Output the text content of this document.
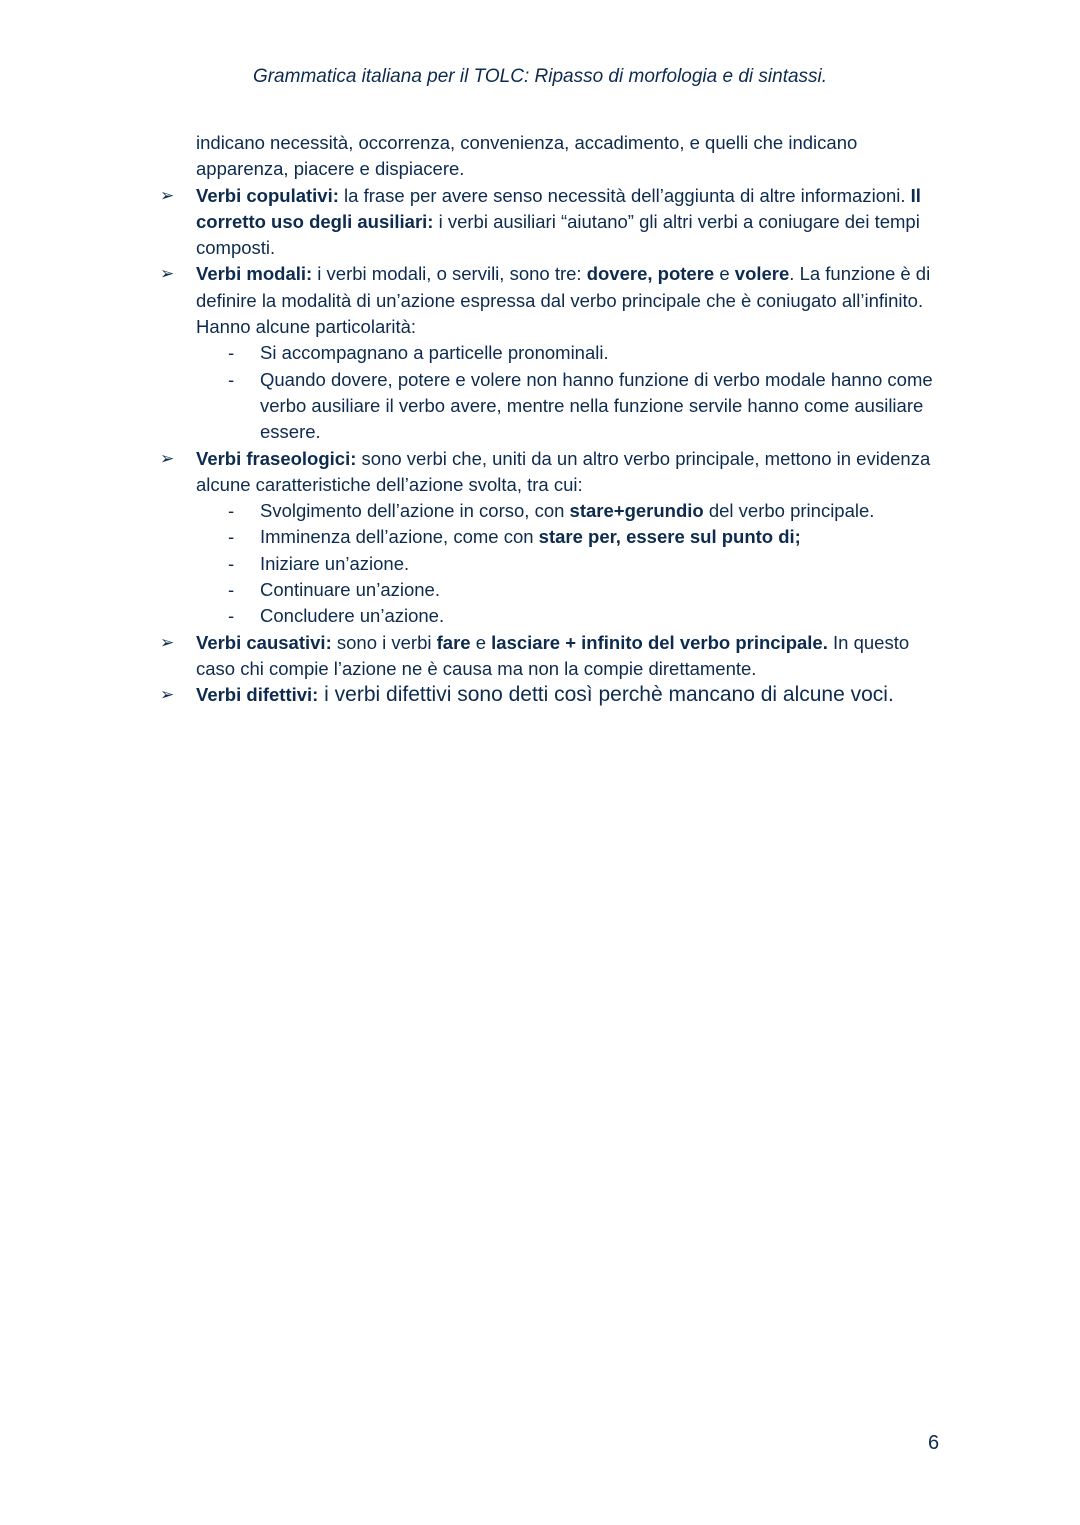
Grammatica italiana per il TOLC: Ripasso di morfologia e di sintassi.

indicano necessità, occorrenza, convenienza, accadimento, e quelli che indicano apparenza, piacere e dispiacere.

➢	Verbi copulativi: la frase per avere senso necessità dell’aggiunta di altre informazioni. Il corretto uso degli ausiliari: i verbi ausiliari “aiutano” gli altri verbi a coniugare dei tempi composti.
➢	Verbi modali: i verbi modali, o servili, sono tre: dovere, potere e volere. La funzione è di definire la modalità di un’azione espressa dal verbo principale che è coniugato all’infinito.

Hanno alcune particolarità:

- Si accompagnano a particelle pronominali.
- Quando dovere, potere e volere non hanno funzione di verbo modale hanno come verbo ausiliare il verbo avere, mentre nella funzione servile hanno come ausiliare essere.
➢	Verbi fraseologici: sono verbi che, uniti da un altro verbo principale, mettono in evidenza alcune caratteristiche dell’azione svolta, tra cui:
- Svolgimento dell’azione in corso, con stare+gerundio del verbo principale.
- Imminenza dell’azione, come con stare per, essere sul punto di;
- Iniziare un’azione.
- Continuare un’azione.
- Concludere un’azione.
➢	Verbi causativi: sono i verbi fare e lasciare + infinito del verbo principale. In questo caso chi compie l’azione ne è causa ma non la compie direttamente.
➢	Verbi difettivi: i verbi difettivi sono detti così perchè mancano di alcune voci.
6
